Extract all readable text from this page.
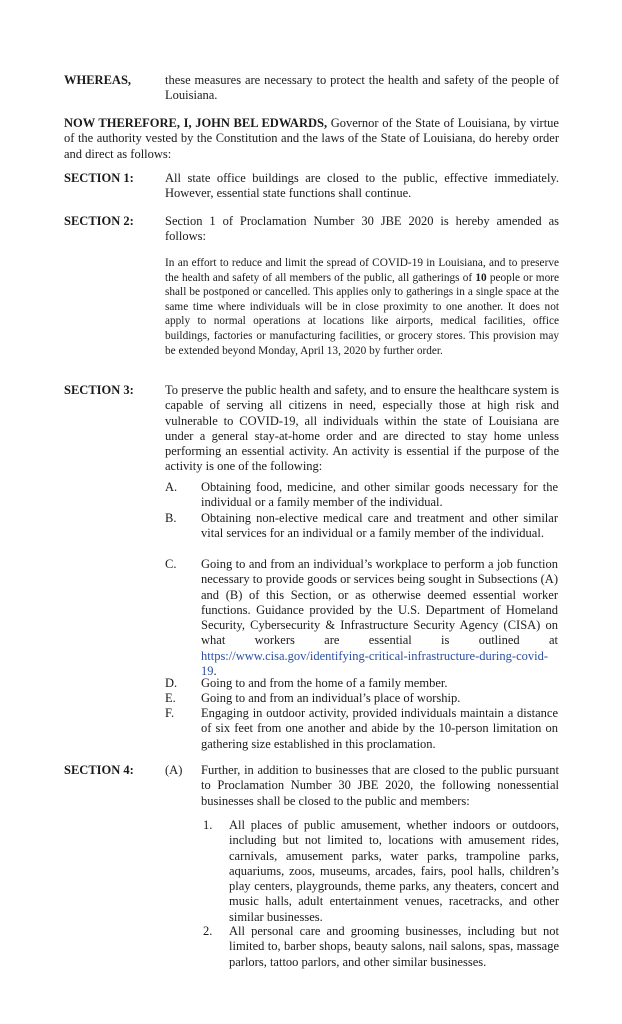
WHEREAS,	these measures are necessary to protect the health and safety of the people of Louisiana.
NOW THEREFORE, I, JOHN BEL EDWARDS, Governor of the State of Louisiana, by virtue of the authority vested by the Constitution and the laws of the State of Louisiana, do hereby order and direct as follows:
SECTION 1: All state office buildings are closed to the public, effective immediately. However, essential state functions shall continue.
SECTION 2: Section 1 of Proclamation Number 30 JBE 2020 is hereby amended as follows:
In an effort to reduce and limit the spread of COVID-19 in Louisiana, and to preserve the health and safety of all members of the public, all gatherings of 10 people or more shall be postponed or cancelled. This applies only to gatherings in a single space at the same time where individuals will be in close proximity to one another. It does not apply to normal operations at locations like airports, medical facilities, office buildings, factories or manufacturing facilities, or grocery stores. This provision may be extended beyond Monday, April 13, 2020 by further order.
SECTION 3: To preserve the public health and safety, and to ensure the healthcare system is capable of serving all citizens in need, especially those at high risk and vulnerable to COVID-19, all individuals within the state of Louisiana are under a general stay-at-home order and are directed to stay home unless performing an essential activity. An activity is essential if the purpose of the activity is one of the following:
A. Obtaining food, medicine, and other similar goods necessary for the individual or a family member of the individual.
B. Obtaining non-elective medical care and treatment and other similar vital services for an individual or a family member of the individual.
C. Going to and from an individual’s workplace to perform a job function necessary to provide goods or services being sought in Subsections (A) and (B) of this Section, or as otherwise deemed essential worker functions. Guidance provided by the U.S. Department of Homeland Security, Cybersecurity & Infrastructure Security Agency (CISA) on what workers are essential is outlined at https://www.cisa.gov/identifying-critical-infrastructure-during-covid-19.
D. Going to and from the home of a family member.
E. Going to and from an individual’s place of worship.
F. Engaging in outdoor activity, provided individuals maintain a distance of six feet from one another and abide by the 10-person limitation on gathering size established in this proclamation.
SECTION 4: (A) Further, in addition to businesses that are closed to the public pursuant to Proclamation Number 30 JBE 2020, the following nonessential businesses shall be closed to the public and members:
1. All places of public amusement, whether indoors or outdoors, including but not limited to, locations with amusement rides, carnivals, amusement parks, water parks, trampoline parks, aquariums, zoos, museums, arcades, fairs, pool halls, children’s play centers, playgrounds, theme parks, any theaters, concert and music halls, adult entertainment venues, racetracks, and other similar businesses.
2. All personal care and grooming businesses, including but not limited to, barber shops, beauty salons, nail salons, spas, massage parlors, tattoo parlors, and other similar businesses.
